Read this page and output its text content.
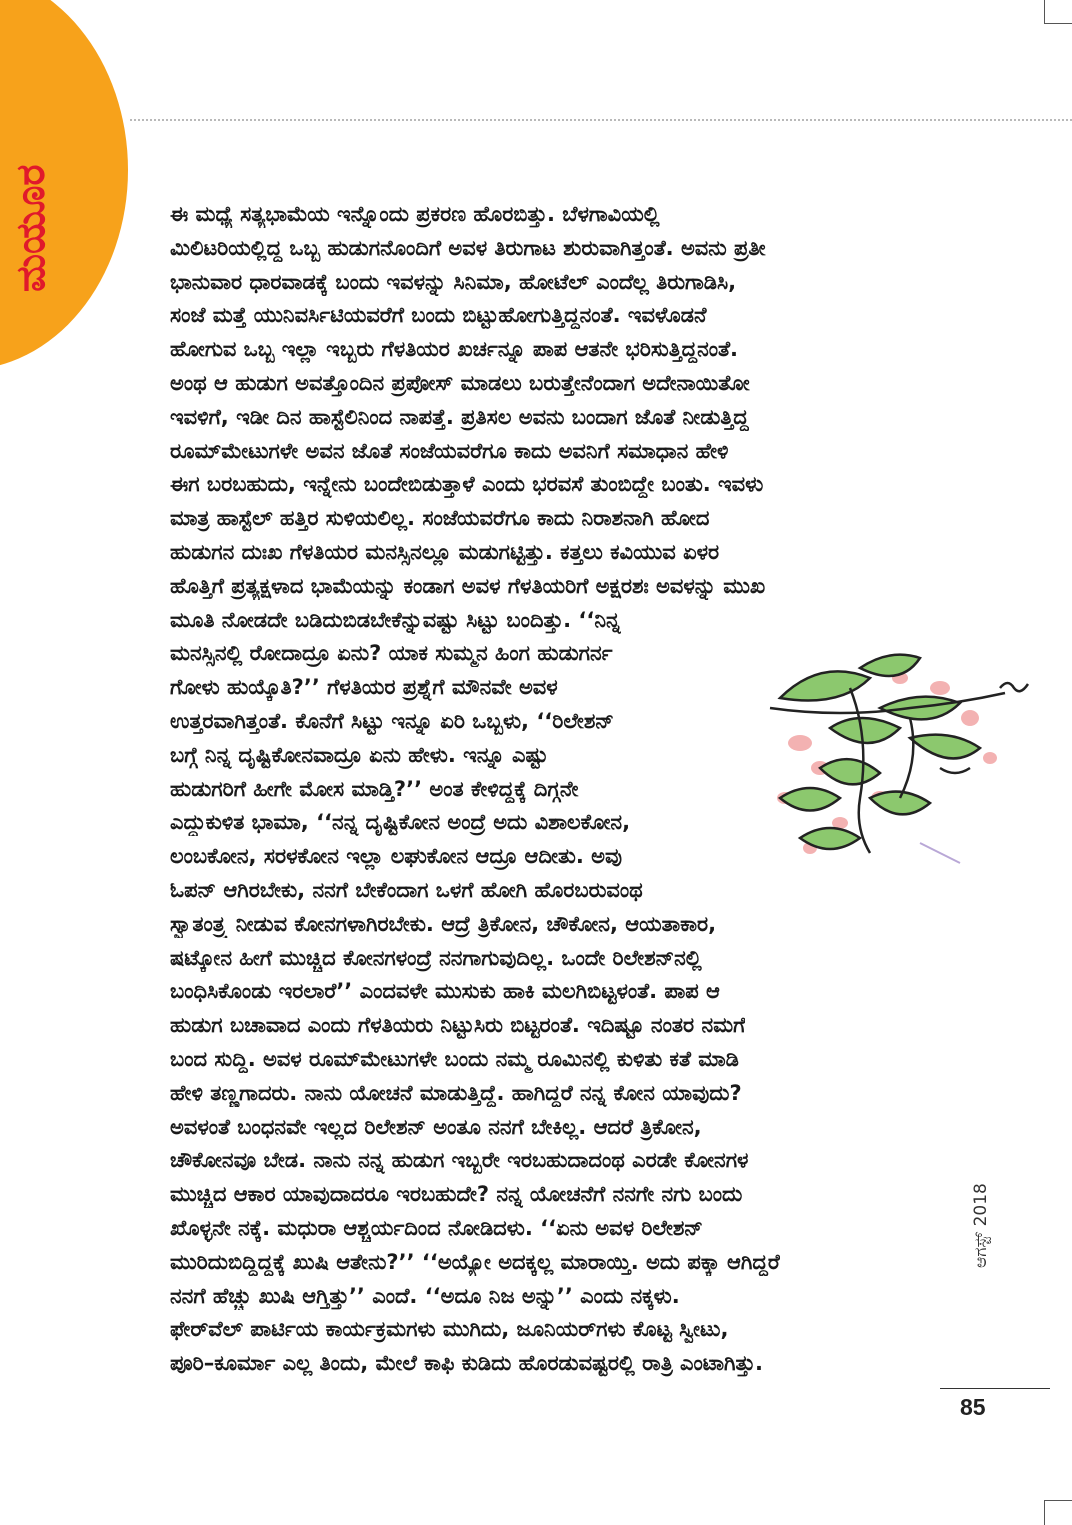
ಈ ಮಧ್ಯೆ ಸತ್ಯಭಾಮೆಯ ಇನ್ನೊಂದು ಪ್ರಕರಣ ಹೊರಬಿತ್ತು. ಬೆಳಗಾವಿಯಲ್ಲಿ
ಮಿಲಿಟರಿಯಲ್ಲಿದ್ದ ಒಬ್ಬ ಹುಡುಗನೊಂದಿಗೆ ಅವಳ ತಿರುಗಾಟ ಶುರುವಾಗಿತ್ತಂತೆ. ಅವನು ಪ್ರತೀ
ಭಾನುವಾರ ಧಾರವಾಡಕ್ಕೆ ಬಂದು ಇವಳನ್ನು ಸಿನಿಮಾ, ಹೋಟೆಲ್ ಎಂದೆಲ್ಲ ತಿರುಗಾಡಿಸಿ,
ಸಂಜೆ ಮತ್ತೆ ಯುನಿವರ್ಸಿಟಿಯವರೆಗೆ ಬಂದು ಬಿಟ್ಟುಹೋಗುತ್ತಿದ್ದನಂತೆ. ಇವಳೊಡನೆ
ಹೋಗುವ ಒಬ್ಬ ಇಲ್ಲಾ ಇಬ್ಬರು ಗೆಳತಿಯರ ಖರ್ಚನ್ನೂ ಪಾಪ ಆತನೇ ಭರಿಸುತ್ತಿದ್ದನಂತೆ.
ಅಂಥ ಆ ಹುಡುಗ ಅವತ್ತೊಂದಿನ ಪ್ರಪೋಸ್ ಮಾಡಲು ಬರುತ್ತೇನೆಂದಾಗ ಅದೇನಾಯಿತೋ
ಇವಳಿಗೆ, ಇಡೀ ದಿನ ಹಾಸ್ಟೆಲಿನಿಂದ ನಾಪತ್ತೆ. ಪ್ರತಿಸಲ ಅವನು ಬಂದಾಗ ಜೊತೆ ನೀಡುತ್ತಿದ್ದ
ರೂಮ್‌ಮೇಟುಗಳೇ ಅವನ ಜೊತೆ ಸಂಜೆಯವರೆಗೂ ಕಾದು ಅವನಿಗೆ ಸಮಾಧಾನ ಹೇಳಿ
ಈಗ ಬರಬಹುದು, ಇನ್ನೇನು ಬಂದೇಬಿಡುತ್ತಾಳೆ ಎಂದು ಭರವಸೆ ತುಂಬಿದ್ದೇ ಬಂತು. ಇವಳು
ಮಾತ್ರ ಹಾಸ್ಟೆಲ್ ಹತ್ತಿರ ಸುಳಿಯಲಿಲ್ಲ. ಸಂಜೆಯವರೆಗೂ ಕಾದು ನಿರಾಶನಾಗಿ ಹೋದ
ಹುಡುಗನ ದುಃಖ ಗೆಳತಿಯರ ಮನಸ್ಸಿನಲ್ಲೂ ಮಡುಗಟ್ಟಿತ್ತು. ಕತ್ತಲು ಕವಿಯುವ ಏಳರ
ಹೊತ್ತಿಗೆ ಪ್ರತ್ಯಕ್ಷಳಾದ ಭಾಮೆಯನ್ನು ಕಂಡಾಗ ಅವಳ ಗೆಳತಿಯರಿಗೆ ಅಕ್ಷರಶಃ ಅವಳನ್ನು ಮುಖ
ಮೂತಿ ನೋಡದೇ ಬಡಿದುಬಿಡಬೇಕೆನ್ನುವಷ್ಟು ಸಿಟ್ಟು ಬಂದಿತ್ತು. ‘‘ನಿನ್ನ
ಮನಸ್ಸಿನಲ್ಲಿ ರೋದಾದ್ರೂ ಏನು? ಯಾಕ ಸುಮ್ಮನ ಹಿಂಗ ಹುಡುಗರ್ನ
ಗೋಳು ಹುಯ್ಕೊತಿ?’’ ಗೆಳತಿಯರ ಪ್ರಶ್ನೆಗೆ ಮೌನವೇ ಅವಳ
ಉತ್ತರವಾಗಿತ್ತಂತೆ. ಕೊನೆಗೆ ಸಿಟ್ಟು ಇನ್ನೂ ಏರಿ ಒಬ್ಬಳು, ‘‘ರಿಲೇಶನ್
ಬಗ್ಗೆ ನಿನ್ನ ದೃಷ್ಟಿಕೋನವಾದ್ರೂ ಏನು ಹೇಳು. ಇನ್ನೂ ಎಷ್ಟು
ಹುಡುಗರಿಗೆ ಹೀಗೇ ಮೋಸ ಮಾಡ್ತಿ?’’ ಅಂತ ಕೇಳಿದ್ದಕ್ಕೆ ದಿಗ್ಗನೇ
ಎದ್ದುಕುಳಿತ ಭಾಮಾ, ‘‘ನನ್ನ ದೃಷ್ಟಿಕೋನ ಅಂದ್ರೆ ಅದು ವಿಶಾಲಕೋನ,
ಲಂಬಕೋನ, ಸರಳಕೋನ ಇಲ್ಲಾ ಲಘುಕೋನ ಆದ್ರೂ ಆದೀತು. ಅವು
ಓಪನ್ ಆಗಿರಬೇಕು, ನನಗೆ ಬೇಕೆಂದಾಗ ಒಳಗೆ ಹೋಗಿ ಹೊರಬರುವಂಥ
ಸ್ವಾತಂತ್ರ್ಯ ನೀಡುವ ಕೋನಗಳಾಗಿರಬೇಕು. ಆದ್ರೆ ತ್ರಿಕೋನ, ಚೌಕೋನ, ಆಯತಾಕಾರ,
ಷಟ್ಕೋನ ಹೀಗೆ ಮುಚ್ಚಿದ ಕೋನಗಳಂದ್ರೆ ನನಗಾಗುವುದಿಲ್ಲ. ಒಂದೇ ರಿಲೇಶನ್‌ನಲ್ಲಿ
ಬಂಧಿಸಿಕೊಂಡು ಇರಲಾರೆ’’ ಎಂದವಳೇ ಮುಸುಕು ಹಾಕಿ ಮಲಗಿಬಿಟ್ಟಳಂತೆ. ಪಾಪ ಆ
ಹುಡುಗ ಬಚಾವಾದ ಎಂದು ಗೆಳತಿಯರು ನಿಟ್ಟುಸಿರು ಬಿಟ್ಟರಂತೆ. ಇದಿಷ್ಟೂ ನಂತರ ನಮಗೆ
ಬಂದ ಸುದ್ದಿ. ಅವಳ ರೂಮ್‌ಮೇಟುಗಳೇ ಬಂದು ನಮ್ಮ ರೂಮಿನಲ್ಲಿ ಕುಳಿತು ಕತೆ ಮಾಡಿ
ಹೇಳಿ ತಣ್ಣಗಾದರು. ನಾನು ಯೋಚನೆ ಮಾಡುತ್ತಿದ್ದೆ. ಹಾಗಿದ್ದರೆ ನನ್ನ ಕೋನ ಯಾವುದು?
ಅವಳಂತೆ ಬಂಧನವೇ ಇಲ್ಲದ ರಿಲೇಶನ್ ಅಂತೂ ನನಗೆ ಬೇಕಿಲ್ಲ. ಆದರೆ ತ್ರಿಕೋನ,
ಚೌಕೋನವೂ ಬೇಡ. ನಾನು ನನ್ನ ಹುಡುಗ ಇಬ್ಬರೇ ಇರಬಹುದಾದಂಥ ಎರಡೇ ಕೋನಗಳ
ಮುಚ್ಚಿದ ಆಕಾರ ಯಾವುದಾದರೂ ಇರಬಹುದೇ? ನನ್ನ ಯೋಚನೆಗೆ ನನಗೇ ನಗು ಬಂದು
ಖೊಳ್ಳನೇ ನಕ್ಕೆ. ಮಧುರಾ ಆಶ್ಚರ್ಯದಿಂದ ನೋಡಿದಳು. ‘‘ಏನು ಅವಳ ರಿಲೇಶನ್
ಮುರಿದುಬಿದ್ದಿದ್ದಕ್ಕೆ ಖುಷಿ ಆತೇನು?’’ ‘‘ಅಯ್ಯೋ ಅದಕ್ಕಲ್ಲ ಮಾರಾಯ್ತಿ. ಅದು ಪಕ್ಕಾ ಆಗಿದ್ದರೆ
ನನಗೆ ಹೆಚ್ಚು ಖುಷಿ ಆಗ್ತಿತ್ತು’’ ಎಂದೆ. ‘‘ಅದೂ ನಿಜ ಅನ್ನು’’ ಎಂದು ನಕ್ಕಳು.
ಫೇರ್‌ವೆಲ್ ಪಾರ್ಟಿಯ ಕಾರ್ಯಕ್ರಮಗಳು ಮುಗಿದು, ಜೂನಿಯರ್‌ಗಳು ಕೊಟ್ಟ ಸ್ವೀಟು,
ಪೂರಿ–ಕೂರ್ಮಾ ಎಲ್ಲ ತಿಂದು, ಮೇಲೆ ಕಾಫಿ ಕುಡಿದು ಹೊರಡುವಷ್ಟರಲ್ಲಿ ರಾತ್ರಿ ಎಂಟಾಗಿತ್ತು.
ಮಯೂರ
ಆಗಸ್ಟ್ 2018
85
